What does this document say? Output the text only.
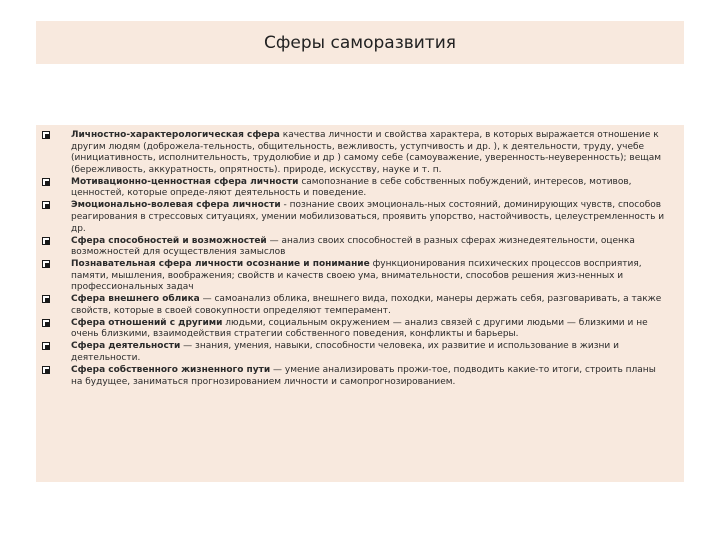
Сферы саморазвития
Личностно-характерологическая сфера качества личности и свойства характера, в которых выражается отношение к другим людям (доброжела-тельность, общительность, вежливость, уступчивость и др. ), к деятельности, труду, учебе (инициативность, исполнительность, трудолюбие и др ) самому себе (самоуважение, уверенность-неуверенность); вещам (бережливость, аккуратность, опрятность). природе, искусству, науке и т. п.
Мотивационно-ценностная сфера личности самопознание в себе собственных побуждений, интересов, мотивов, ценностей, которые опреде-ляют деятельность и поведение.
Эмоционально-волевая сфера личности - познание своих эмоциональ-ных состояний, доминирующих чувств, способов реагирования в стрессовых ситуациях, умении мобилизоваться, проявить упорство, настойчивость, целеустремленность и др.
Сфера способностей и возможностей — анализ своих способностей в разных сферах жизнедеятельности, оценка возможностей для осуществления замыслов
Познавательная сфера личности осознание и понимание функционирования психических процессов восприятия, памяти, мышления, воображения; свойств и качеств своею ума, внимательности, способов решения жиз-ненных и профессиональных задач
Сфера внешнего облика — самоанализ облика, внешнего вида, походки, манеры держать себя, разговаривать, а также свойств, которые в своей совокупности определяют темперамент.
Сфера отношений с другими людьми, социальным окружением — анализ связей с другими людьми — близкими и не очень близкими, взаимодействия стратегии собственного поведения, конфликты и барьеры.
Сфера деятельности — знания, умения, навыки, способности человека, их развитие и использование в жизни и деятельности.
Сфера собственного жизненного пути — умение анализировать прожи-тое, подводить какие-то итоги, строить планы на будущее, заниматься прогнозированием личности и самопрогнозированием.
